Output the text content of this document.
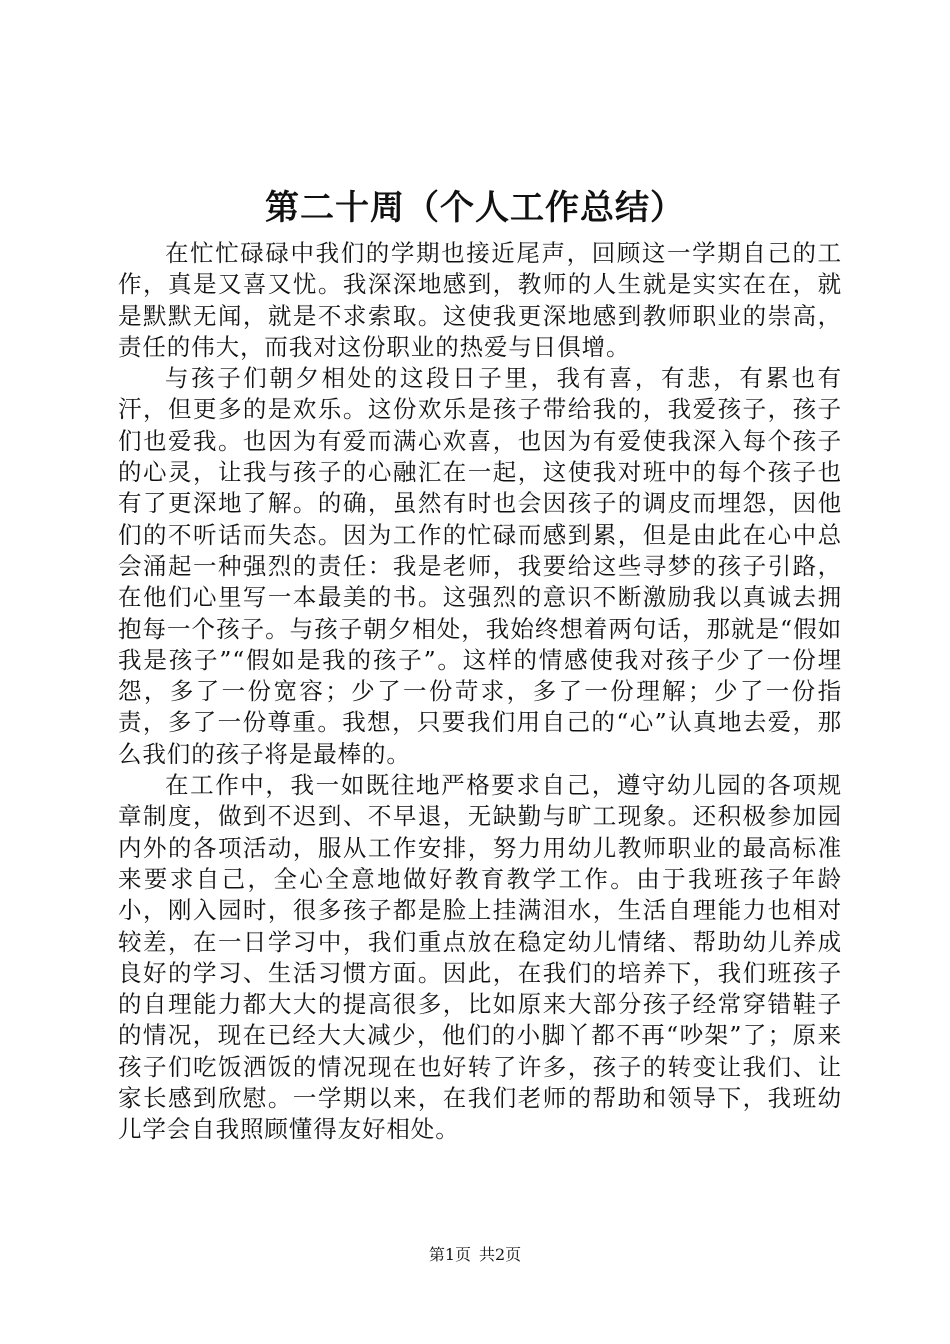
第二十周（个人工作总结）

在忙忙碌碌中我们的学期也接近尾声，回顾这一学期自己的工作，真是又喜又忧。我深深地感到，教师的人生就是实实在在，就是默默无闻，就是不求索取。这使我更深地感到教师职业的崇高，责任的伟大，而我对这份职业的热爱与日俱增。

与孩子们朝夕相处的这段日子里，我有喜，有悲，有累也有汗，但更多的是欢乐。这份欢乐是孩子带给我的，我爱孩子，孩子们也爱我。也因为有爱而满心欢喜，也因为有爱使我深入每个孩子的心灵，让我与孩子的心融汇在一起，这使我对班中的每个孩子也有了更深地了解。的确，虽然有时也会因孩子的调皮而埋怨，因他们的不听话而失态。因为工作的忙碌而感到累，但是由此在心中总会涌起一种强烈的责任：我是老师，我要给这些寻梦的孩子引路，在他们心里写一本最美的书。这强烈的意识不断激励我以真诚去拥抱每一个孩子。与孩子朝夕相处，我始终想着两句话，那就是“假如我是孩子”“假如是我的孩子”。这样的情感使我对孩子少了一份埋怨，多了一份宽容；少了一份苛求，多了一份理解；少了一份指责，多了一份尊重。我想，只要我们用自己的“心”认真地去爱，那么我们的孩子将是最棒的。

在工作中，我一如既往地严格要求自己，遵守幼儿园的各项规章制度，做到不迟到、不早退，无缺勤与旷工现象。还积极参加园内外的各项活动，服从工作安排，努力用幼儿教师职业的最高标准来要求自己，全心全意地做好教育教学工作。由于我班孩子年龄小，刚入园时，很多孩子都是脸上挂满泪水，生活自理能力也相对较差，在一日学习中，我们重点放在稳定幼儿情绪、帮助幼儿养成良好的学习、生活习惯方面。因此，在我们的培养下，我们班孩子的自理能力都大大的提高很多，比如原来大部分孩子经常穿错鞋子的情况，现在已经大大减少，他们的小脚丫都不再“吵架”了；原来孩子们吃饭洒饭的情况现在也好转了许多，孩子的转变让我们、让家长感到欣慰。一学期以来，在我们老师的帮助和领导下，我班幼儿学会自我照顾懂得友好相处。

第1页 共2页
